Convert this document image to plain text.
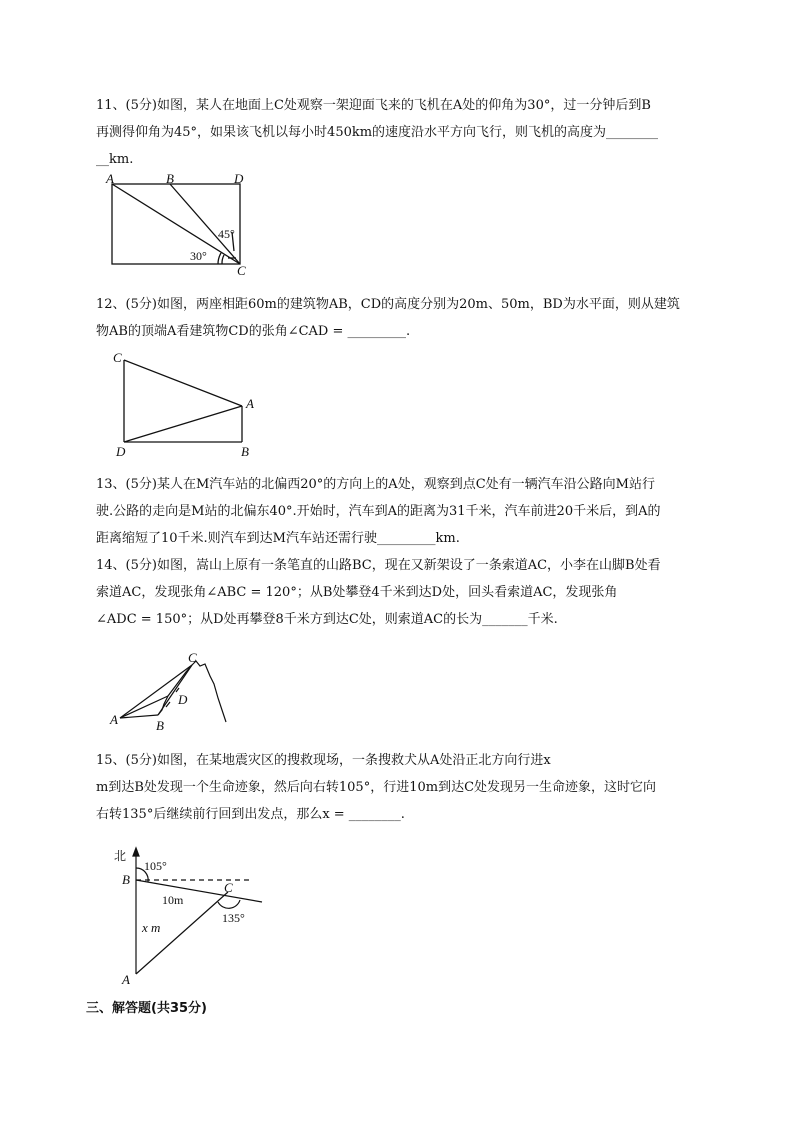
11、(5分)如图，某人在地面上C处观察一架迎面飞来的飞机在A处的仰角为30°，过一分钟后到B
再测得仰角为45°，如果该飞机以每小时450km的速度沿水平方向飞行，则飞机的高度为________
__km.
A	B	D
C
45°
30°
12、(5分)如图，两座相距60m的建筑物AB，CD的高度分别为20m、50m，BD为水平面，则从建筑
物AB的顶端A看建筑物CD的张角∠CAD = _________.
C
A
D	B
13、(5分)某人在M汽车站的北偏西20°的方向上的A处，观察到点C处有一辆汽车沿公路向M站行
驶.公路的走向是M站的北偏东40°.开始时，汽车到A的距离为31千米，汽车前进20千米后，到A的
距离缩短了10千米.则汽车到达M汽车站还需行驶_________km.
14、(5分)如图，嵩山上原有一条笔直的山路BC，现在又新架设了一条索道AC，小李在山脚B处看
索道AC，发现张角∠ABC = 120°；从B处攀登4千米到达D处，回头看索道AC，发现张角
∠ADC = 150°；从D处再攀登8千米方到达C处，则索道AC的长为_______千米.
C
D
A	B
15、(5分)如图，在某地震灾区的搜救现场，一条搜救犬从A处沿正北方向行进x
m到达B处发现一个生命迹象，然后向右转105°，行进10m到达C处发现另一生命迹象，这时它向
右转135°后继续前行回到出发点，那么x = ________.
北
105°
B
C
10m
135°
x m
A
三、解答题(共35分)
